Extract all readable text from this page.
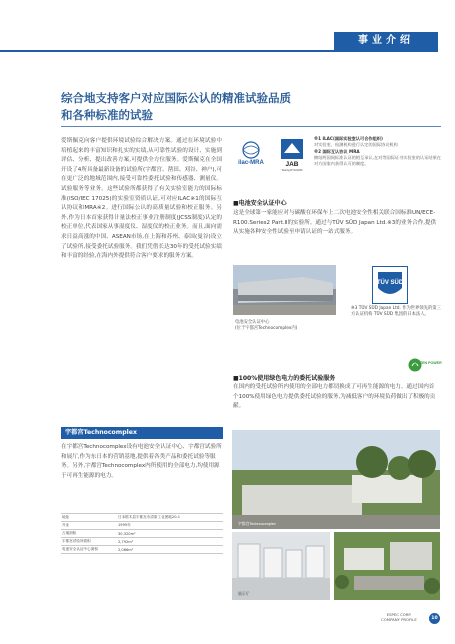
事业介绍
综合地支持客户对应国际公认的精准试验品质
和各种标准的试验
爱斯佩克向客户提供环境试验综合解决方案。通过在环境试验中培植起来的丰富知识和扎实的实绩,从可靠性试验的设计、实施到评估、分析、提出改善方案,可提供全方位服务。爱斯佩克在全国开设了4所具备最新设备的试验所(宇都宫、凿田、刈谷、神户),可在更广泛的地域范围内,接受可靠性委托试验和传感器、测量仪。试验服务等业务。这些试验所都获得了有关实验室能力的国际标准(ISO/IEC 17025)的实验室资质认证,可对应ILAC※1的国际互认协议和MRA※2。进行国际公认的高质量试验和校正服务。另外,作为日本首家获得计量法校正事业注册制度(JCSS制度)认定的校正单位,代表国家从事湿度仪、湿度仪的校正业务。而且,面向需求日益高涨的中国、ASEAN市场,在上海和苏州、泰国(曼谷)设立了试验所,接受委托试验服务。我们凭借长达30年的受托试验实绩和丰富的经验,在海内外提供符合客户要求的服务方案。
ilac-MRA	JAB
Testing RTL01250
※1 ILAC(国际实验室认可合作组织)
对实验室、检测机构进行认定的国际协议机构
※2 国际互认协议 MRA
缔结两国间标准认证的相互承认,在对等国际证书实验室的认证结果在对方国家内获得认可的制度。
■电池安全认证中心
这是全球第一家能应对与碳酸在环保车上二次电池安全性相关联合国标准UN/ECE-R100.Series2 Part.Ⅱ的实验所。通过与TÜV SÜD Japan Ltd.※3的业务合作,提供从实施各种安全性试验至申请认证的一站式服务。
电池安全认证中心
(位于宇都宫Technocomplex内)
TÜV SÜD
※3 TÜV SÜD Japan Ltd. 作为世界领先的第三方认证机构 TÜV SÜD 集团的日本法人。
GREEN POWER
■100%使用绿色电力的委托试验服务
在国内的受托试验所内使用的全部电力都切换成了可再生能源的电力。通过国内首个100%使用绿色电力提供委托试验的服务,为减低客户的环境负荷做出了积极的贡献。
宇都宫Technocomplex
在宇都宫Technocomplex设有电池安全认证中心、宇都宫试验所和展厅,作为东日本的营销基地,提供着各类产品和委托试验等服务。另外,宇都宫Technocomplex内所使用的全部电力,均使用源于可再生能源的电力。
地址	日本栃木县宇都宫市清原工业团地20-1
开业	1995年
占地面积	30,320m²
宇都宫试验所面积	2,792m²
电池安全认证中心面积	2,066m²
宇都宫Technocomplex
展示厅
ESPEC CORP.
COMPANY PROFILE	10
